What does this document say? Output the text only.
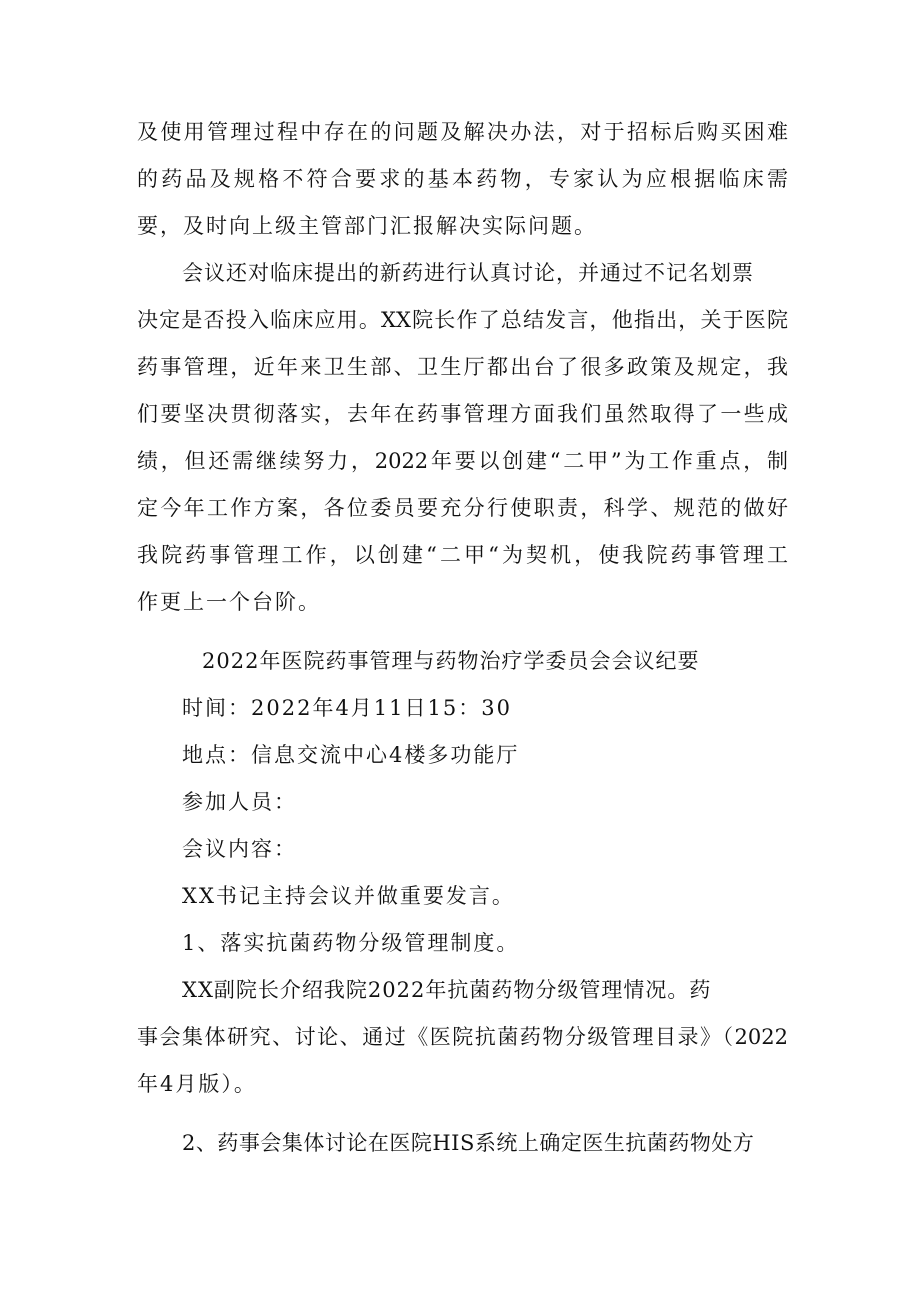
及使用管理过程中存在的问题及解决办法，对于招标后购买困难
的药品及规格不符合要求的基本药物，专家认为应根据临床需
要，及时向上级主管部门汇报解决实际问题。
会议还对临床提出的新药进行认真讨论，并通过不记名划票
决定是否投入临床应用。XX院长作了总结发言，他指出，关于医院
药事管理，近年来卫生部、卫生厅都出台了很多政策及规定，我
们要坚决贯彻落实，去年在药事管理方面我们虽然取得了一些成
绩，但还需继续努力，2022年要以创建“二甲”为工作重点，制
定今年工作方案，各位委员要充分行使职责，科学、规范的做好
我院药事管理工作，以创建“二甲“为契机，使我院药事管理工
作更上一个台阶。
2022年医院药事管理与药物治疗学委员会会议纪要
时间：2022年4月11日15：30
地点：信息交流中心4楼多功能厅
参加人员：
会议内容：
XX书记主持会议并做重要发言。
1、落实抗菌药物分级管理制度。
XX副院长介绍我院2022年抗菌药物分级管理情况。药
事会集体研究、讨论、通过《医院抗菌药物分级管理目录》（2022
年4月版）。
2、药事会集体讨论在医院HIS系统上确定医生抗菌药物处方
